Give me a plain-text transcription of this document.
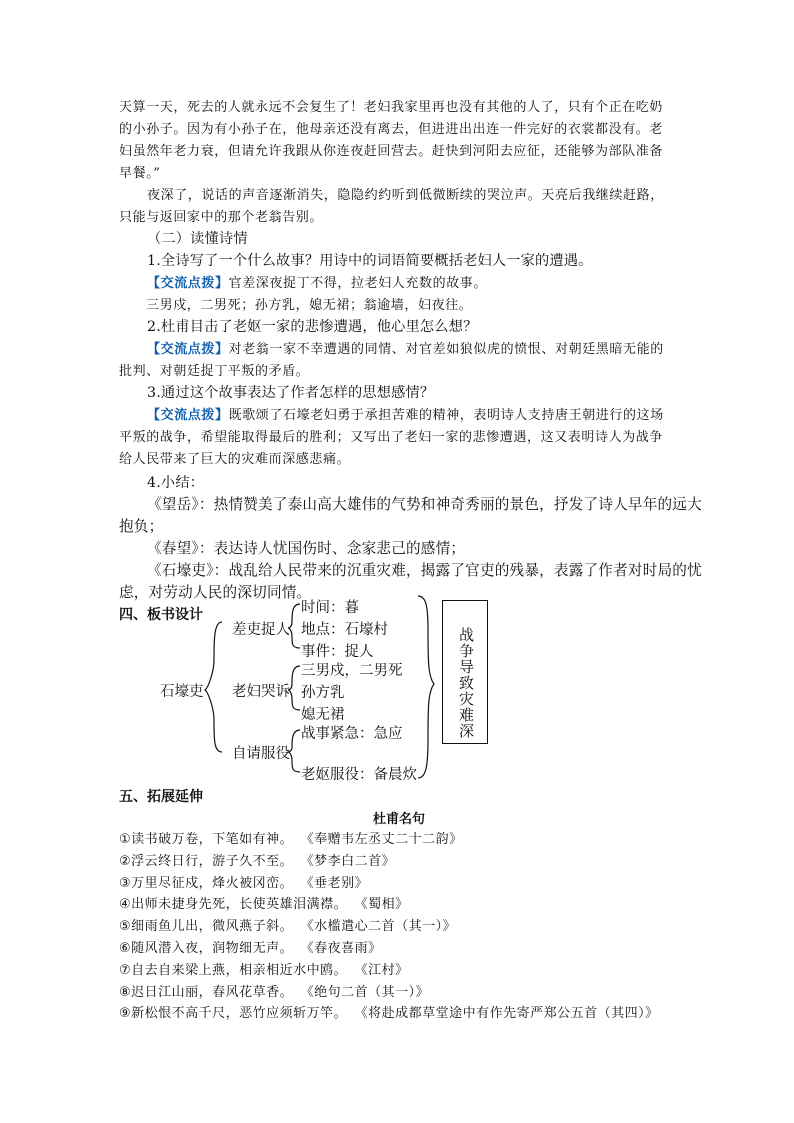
天算一天，死去的人就永远不会复生了！老妇我家里再也没有其他的人了，只有个正在吃奶
的小孙子。因为有小孙子在，他母亲还没有离去，但进进出出连一件完好的衣裳都没有。老
妇虽然年老力衰，但请允许我跟从你连夜赶回营去。赶快到河阳去应征，还能够为部队准备
早餐。”
夜深了，说话的声音逐渐消失，隐隐约约听到低微断续的哭泣声。天亮后我继续赶路，
只能与返回家中的那个老翁告别。
（二）读懂诗情
1.全诗写了一个什么故事？用诗中的词语简要概括老妇人一家的遭遇。
【交流点拨】官差深夜捉丁不得，拉老妇人充数的故事。
三男戍，二男死；孙方乳，媳无裙；翁逾墙，妇夜往。
2.杜甫目击了老妪一家的悲惨遭遇，他心里怎么想？
【交流点拨】对老翁一家不幸遭遇的同情、对官差如狼似虎的愤恨、对朝廷黑暗无能的
批判、对朝廷捉丁平叛的矛盾。
3.通过这个故事表达了作者怎样的思想感情？
【交流点拨】既歌颂了石壕老妇勇于承担苦难的精神，表明诗人支持唐王朝进行的这场
平叛的战争，希望能取得最后的胜利；又写出了老妇一家的悲惨遭遇，这又表明诗人为战争
给人民带来了巨大的灾难而深感悲痛。
4.小结：
《望岳》：热情赞美了泰山高大雄伟的气势和神奇秀丽的景色，抒发了诗人早年的远大
抱负；
《春望》：表达诗人忧国伤时、念家悲己的感情；
《石壕吏》：战乱给人民带来的沉重灾难，揭露了官吏的残暴，表露了作者对时局的忧
虑，对劳动人民的深切同情。
四、板书设计
石壕吏
差吏捉人
老妇哭诉
自请服役
时间：暮
地点：石壕村
事件：捉人
三男戍，二男死
孙方乳
媳无裙
战事紧急：急应
老妪服役：备晨炊
战争导致灾难深
五、拓展延伸
杜甫名句
①读书破万卷，下笔如有神。 《奉赠韦左丞丈二十二韵》
②浮云终日行，游子久不至。 《梦李白二首》
③万里尽征戍，烽火被冈峦。 《垂老别》
④出师未捷身先死，长使英雄泪满襟。 《蜀相》
⑤细雨鱼儿出，微风燕子斜。 《水槛遣心二首（其一）》
⑥随风潜入夜，润物细无声。 《春夜喜雨》
⑦自去自来梁上燕，相亲相近水中鸥。 《江村》
⑧迟日江山丽，春风花草香。 《绝句二首（其一）》
⑨新松恨不高千尺，恶竹应须斩万竿。 《将赴成都草堂途中有作先寄严郑公五首（其四）》
